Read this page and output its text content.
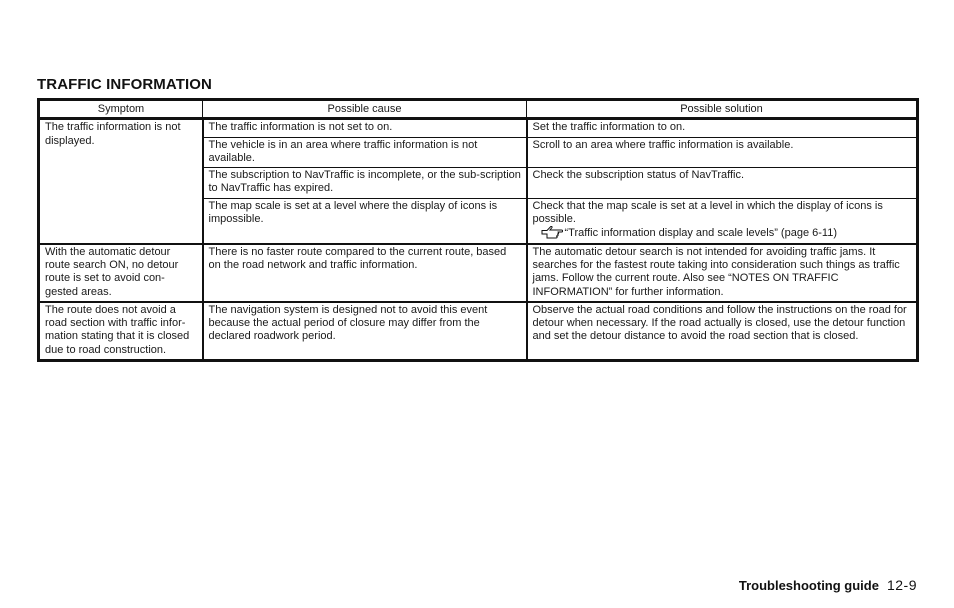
TRAFFIC INFORMATION
Symptom	Possible cause	Possible solution
The traffic information is not displayed.	The traffic information is not set to on.	Set the traffic information to on.
	The vehicle is in an area where traffic information is not available.	Scroll to an area where traffic information is available.
	The subscription to NavTraffic is incomplete, or the sub-scription to NavTraffic has expired.	Check the subscription status of NavTraffic.
	The map scale is set at a level where the display of icons is impossible.	Check that the map scale is set at a level in which the display of icons is possible.
“Traffic information display and scale levels” (page 6-11)

With the automatic detour route search ON, no detour route is set to avoid con-gested areas.	There is no faster route compared to the current route, based on the road network and traffic information.	The automatic detour search is not intended for avoiding traffic jams. It searches for the fastest route taking into consideration such things as traffic jams. Follow the current route. Also see “NOTES ON TRAFFIC INFORMATION” for further information.
The route does not avoid a road section with traffic infor-mation stating that it is closed due to road construction.	The navigation system is designed not to avoid this event because the actual period of closure may differ from the declared roadwork period.	Observe the actual road conditions and follow the instructions on the road for detour when necessary. If the road actually is closed, use the detour function and set the detour distance to avoid the road section that is closed.
Troubleshooting guide 12-9
